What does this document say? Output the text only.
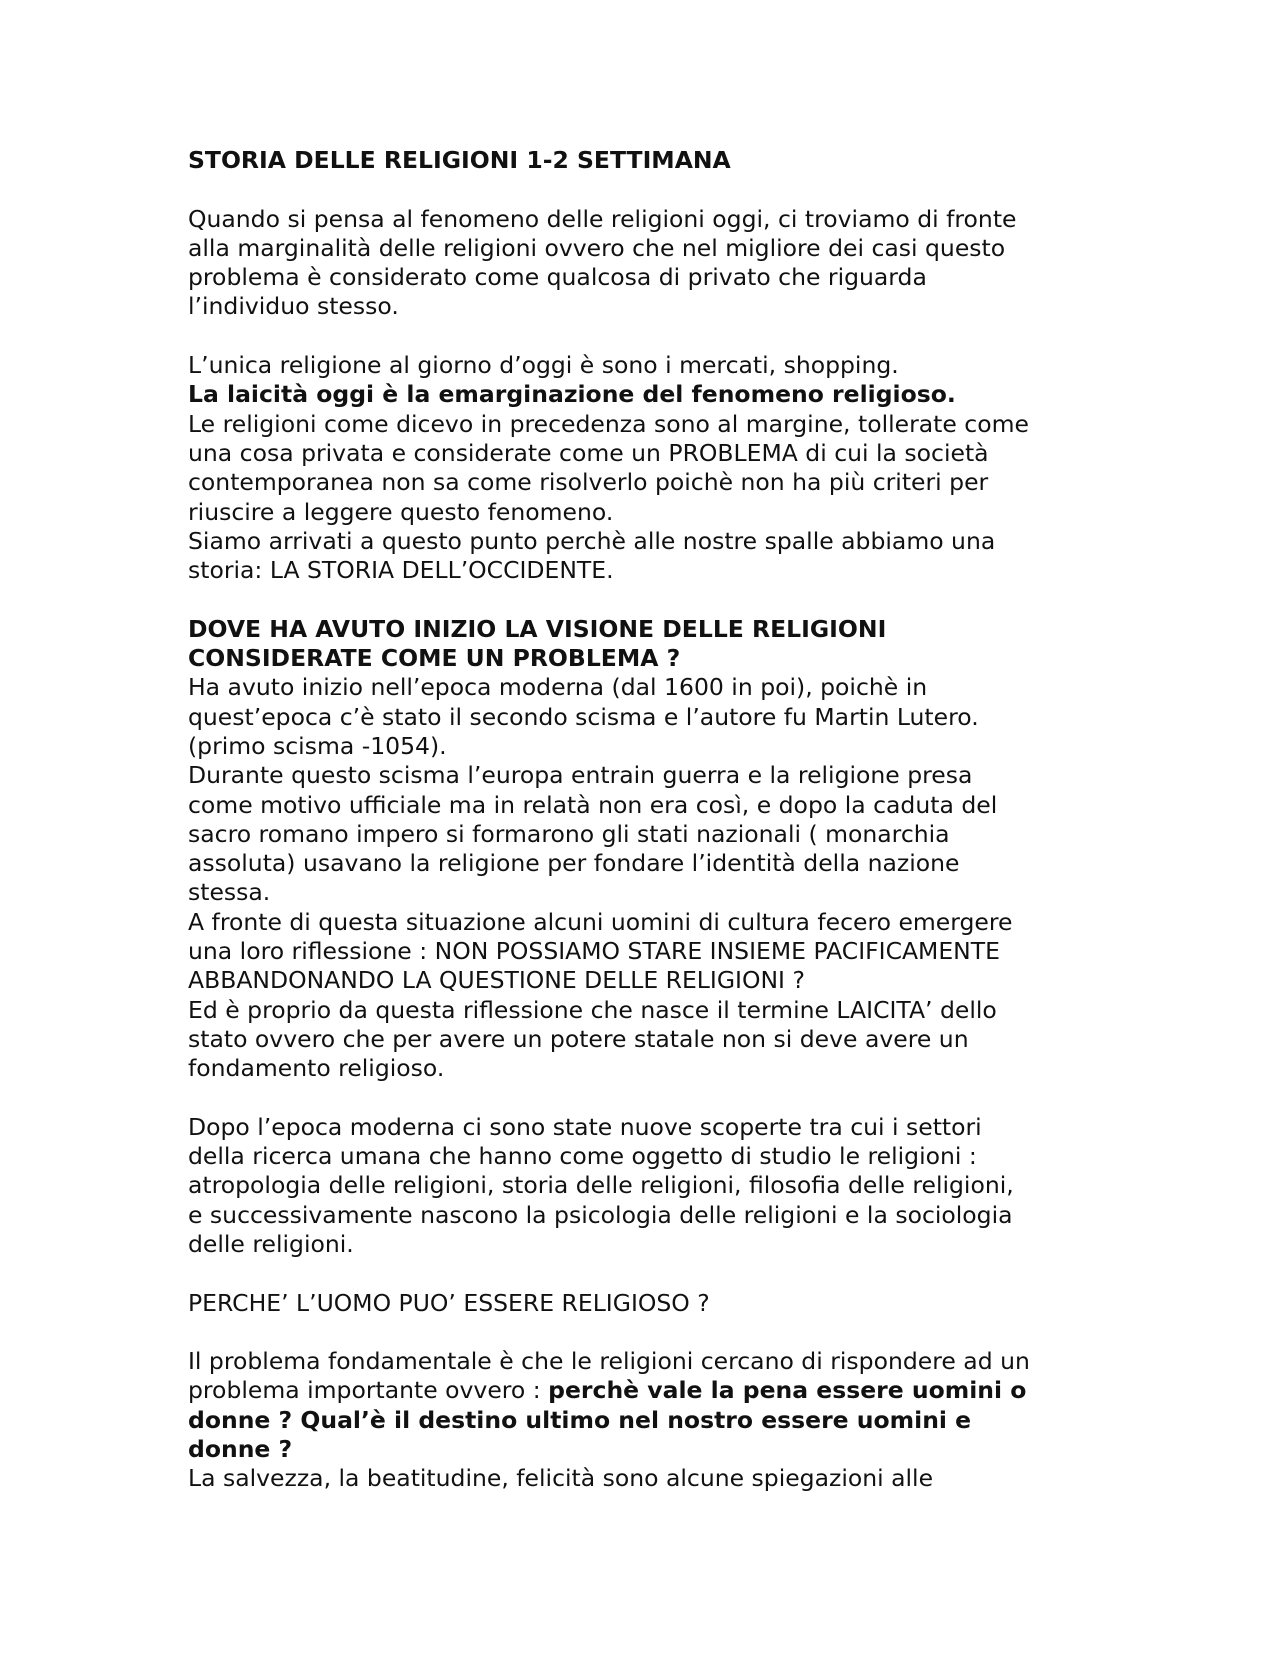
STORIA DELLE RELIGIONI 1-2 SETTIMANA

Quando si pensa al fenomeno delle religioni oggi, ci troviamo di fronte
alla marginalità delle religioni ovvero che nel migliore dei casi questo
problema è considerato come qualcosa di privato che riguarda
l’individuo stesso.

L’unica religione al giorno d’oggi è sono i mercati, shopping.

La laicità oggi è la emarginazione del fenomeno religioso.

Le religioni come dicevo in precedenza sono al margine, tollerate come
una cosa privata e considerate come un PROBLEMA di cui la società
contemporanea non sa come risolverlo poichè non ha più criteri per
riuscire a leggere questo fenomeno.

Siamo arrivati a questo punto perchè alle nostre spalle abbiamo una
storia: LA STORIA DELL’OCCIDENTE.

DOVE HA AVUTO INIZIO LA VISIONE DELLE RELIGIONI
CONSIDERATE COME UN PROBLEMA ?

Ha avuto inizio nell’epoca moderna (dal 1600 in poi), poichè in
quest’epoca c’è stato il secondo scisma e l’autore fu Martin Lutero.
(primo scisma -1054).

Durante questo scisma l’europa entrain guerra e la religione presa
come motivo ufficiale ma in relatà non era così, e dopo la caduta del
sacro romano impero si formarono gli stati nazionali ( monarchia
assoluta) usavano la religione per fondare l’identità della nazione
stessa.

A fronte di questa situazione alcuni uomini di cultura fecero emergere
una loro riflessione : NON POSSIAMO STARE INSIEME PACIFICAMENTE
ABBANDONANDO LA QUESTIONE DELLE RELIGIONI ?

Ed è proprio da questa riflessione che nasce il termine LAICITA’ dello
stato ovvero che per avere un potere statale non si deve avere un
fondamento religioso.

Dopo l’epoca moderna ci sono state nuove scoperte tra cui i settori
della ricerca umana che hanno come oggetto di studio le religioni :
atropologia delle religioni, storia delle religioni, filosofia delle religioni,
e successivamente nascono la psicologia delle religioni e la sociologia
delle religioni.

PERCHE’ L’UOMO PUO’ ESSERE RELIGIOSO ?

Il problema fondamentale è che le religioni cercano di rispondere ad un
problema importante ovvero : perchè vale la pena essere uomini o
donne ? Qual’è il destino ultimo nel nostro essere uomini e
donne ?

La salvezza, la beatitudine, felicità sono alcune spiegazioni alle
